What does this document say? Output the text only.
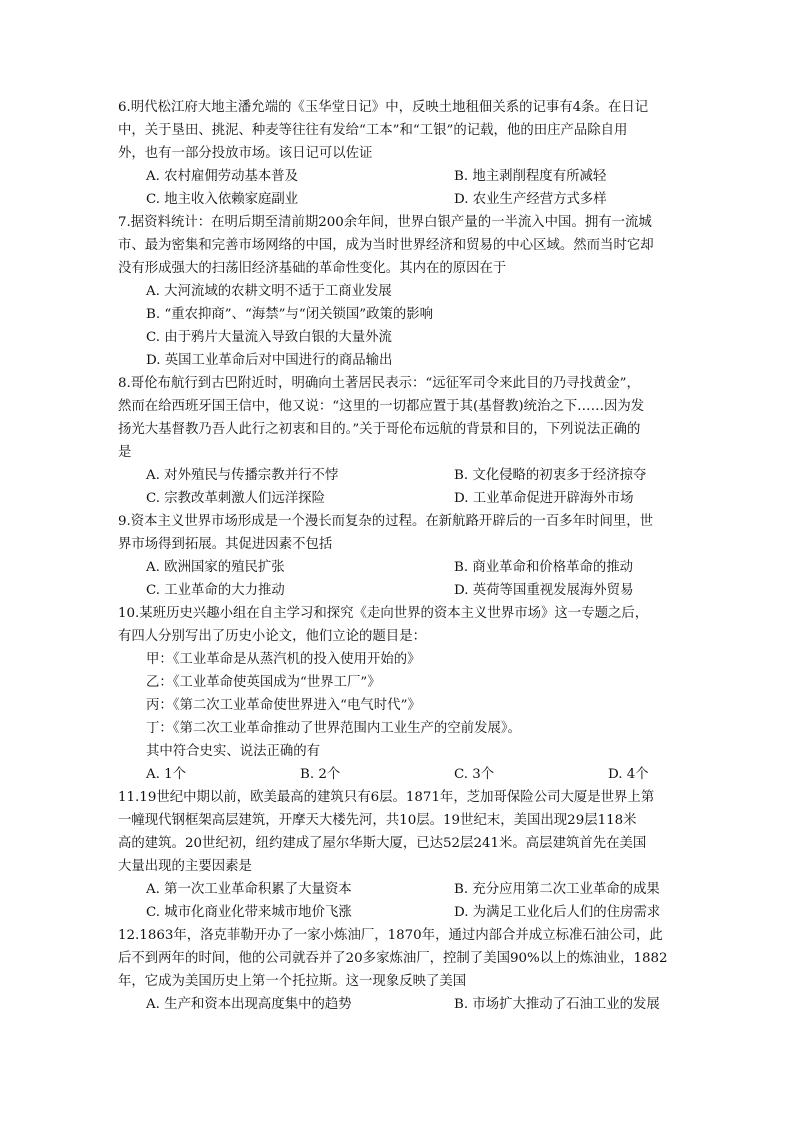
6.明代松江府大地主潘允端的《玉华堂日记》中，反映土地租佃关系的记事有4条。在日记
中，关于垦田、挑泥、种麦等往往有发给“工本”和“工银”的记载，他的田庄产品除自用
外，也有一部分投放市场。该日记可以佐证
A. 农村雇佣劳动基本普及	B. 地主剥削程度有所减轻
C. 地主收入依赖家庭副业	D. 农业生产经营方式多样
7.据资料统计：在明后期至清前期200余年间，世界白银产量的一半流入中国。拥有一流城
市、最为密集和完善市场网络的中国，成为当时世界经济和贸易的中心区域。然而当时它却
没有形成强大的扫荡旧经济基础的革命性变化。其内在的原因在于
A. 大河流域的农耕文明不适于工商业发展
B. “重农抑商”、“海禁”与“闭关锁国”政策的影响
C. 由于鸦片大量流入导致白银的大量外流
D. 英国工业革命后对中国进行的商品输出
8.哥伦布航行到古巴附近时，明确向土著居民表示：“远征军司令来此目的乃寻找黄金”，
然而在给西班牙国王信中，他又说：“这里的一切都应置于其(基督教)统治之下……因为发
扬光大基督教乃吾人此行之初衷和目的。”关于哥伦布远航的背景和目的，下列说法正确的
是
A. 对外殖民与传播宗教并行不悖	B. 文化侵略的初衷多于经济掠夺
C. 宗教改革刺激人们远洋探险	D. 工业革命促进开辟海外市场
9.资本主义世界市场形成是一个漫长而复杂的过程。在新航路开辟后的一百多年时间里，世
界市场得到拓展。其促进因素不包括
A. 欧洲国家的殖民扩张	B. 商业革命和价格革命的推动
C. 工业革命的大力推动	D. 英荷等国重视发展海外贸易
10.某班历史兴趣小组在自主学习和探究《走向世界的资本主义世界市场》这一专题之后，
有四人分别写出了历史小论文，他们立论的题目是：
甲：《工业革命是从蒸汽机的投入使用开始的》
乙：《工业革命使英国成为“世界工厂”》
丙：《第二次工业革命使世界进入“电气时代”》
丁：《第二次工业革命推动了世界范围内工业生产的空前发展》。
其中符合史实、说法正确的有
A. 1个	B. 2个	C. 3个	D. 4个
11.19世纪中期以前，欧美最高的建筑只有6层。1871年，芝加哥保险公司大厦是世界上第
一幢现代钢框架高层建筑，开摩天大楼先河，共10层。19世纪末，美国出现29层118米
高的建筑。20世纪初，纽约建成了屋尔华斯大厦，已达52层241米。高层建筑首先在美国
大量出现的主要因素是
A. 第一次工业革命积累了大量资本	B. 充分应用第二次工业革命的成果
C. 城市化商业化带来城市地价飞涨	D. 为满足工业化后人们的住房需求
12.1863年，洛克菲勒开办了一家小炼油厂，1870年，通过内部合并成立标准石油公司，此
后不到两年的时间，他的公司就吞并了20多家炼油厂，控制了美国90%以上的炼油业，1882
年，它成为美国历史上第一个托拉斯。这一现象反映了美国
A. 生产和资本出现高度集中的趋势	B. 市场扩大推动了石油工业的发展
